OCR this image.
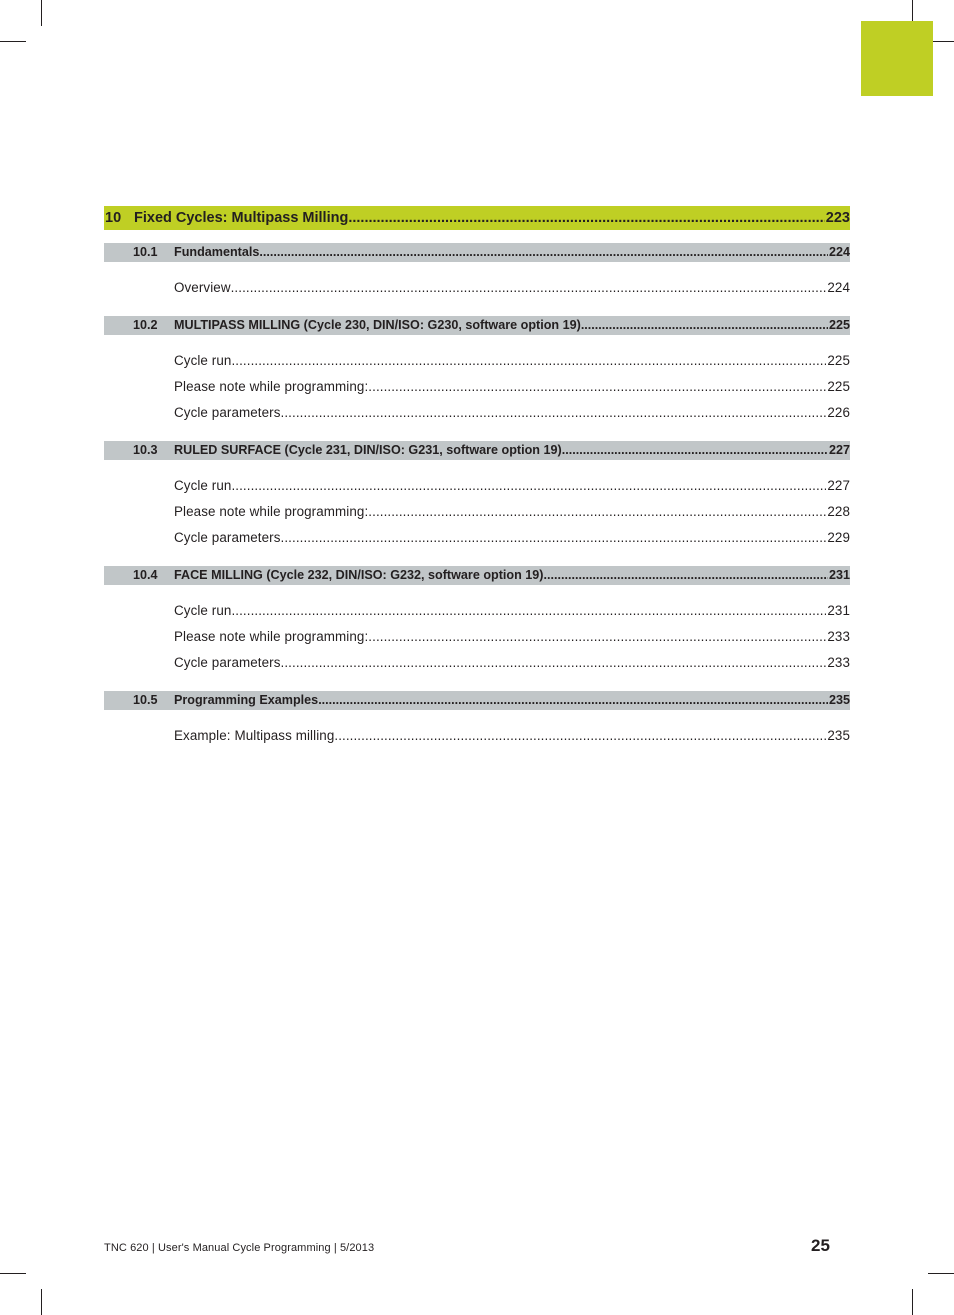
10 Fixed Cycles: Multipass Milling .....	223
10.1	Fundamentals .....	224
Overview .....	224
10.2	MULTIPASS MILLING (Cycle 230, DIN/ISO: G230, software option 19) .....	225
Cycle run .....	225
Please note while programming: .....	225
Cycle parameters .....	226
10.3	RULED SURFACE (Cycle 231, DIN/ISO: G231, software option 19) .....	227
Cycle run .....	227
Please note while programming: .....	228
Cycle parameters .....	229
10.4	FACE MILLING (Cycle 232, DIN/ISO: G232, software option 19) .....	231
Cycle run .....	231
Please note while programming: .....	233
Cycle parameters .....	233
10.5	Programming Examples .....	235
Example: Multipass milling .....	235
TNC 620 | User's Manual Cycle Programming | 5/2013	25
